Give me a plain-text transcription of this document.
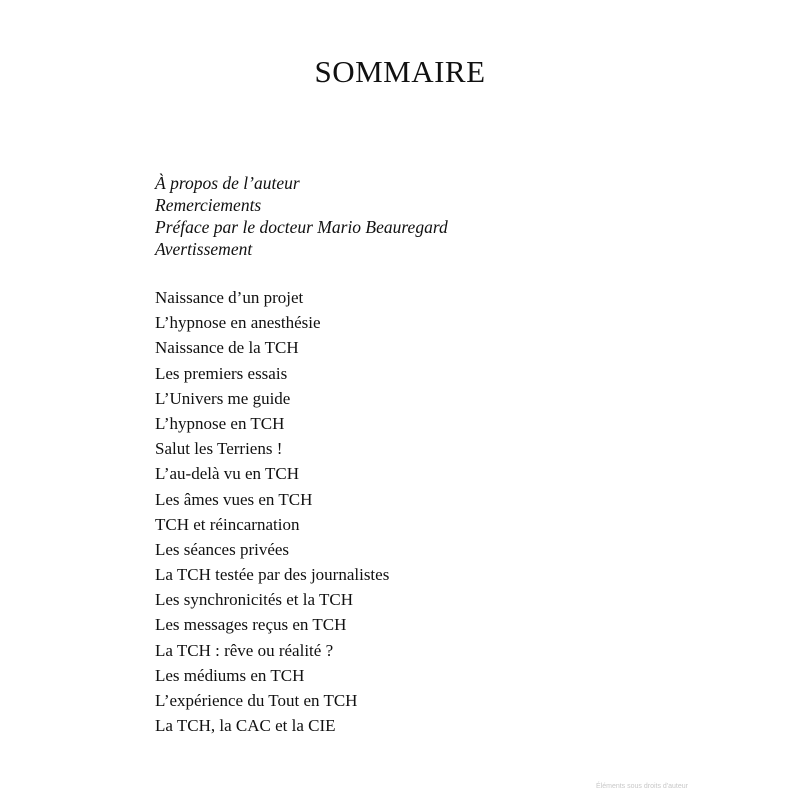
SOMMAIRE
À propos de l’auteur
Remerciements
Préface par le docteur Mario Beauregard
Avertissement
Naissance d’un projet
L’hypnose en anesthésie
Naissance de la TCH
Les premiers essais
L’Univers me guide
L’hypnose en TCH
Salut les Terriens !
L’au-delà vu en TCH
Les âmes vues en TCH
TCH et réincarnation
Les séances privées
La TCH testée par des journalistes
Les synchronicités et la TCH
Les messages reçus en TCH
La TCH : rêve ou réalité ?
Les médiums en TCH
L’expérience du Tout en TCH
La TCH, la CAC et la CIE
Éléments sous droits d'auteur
